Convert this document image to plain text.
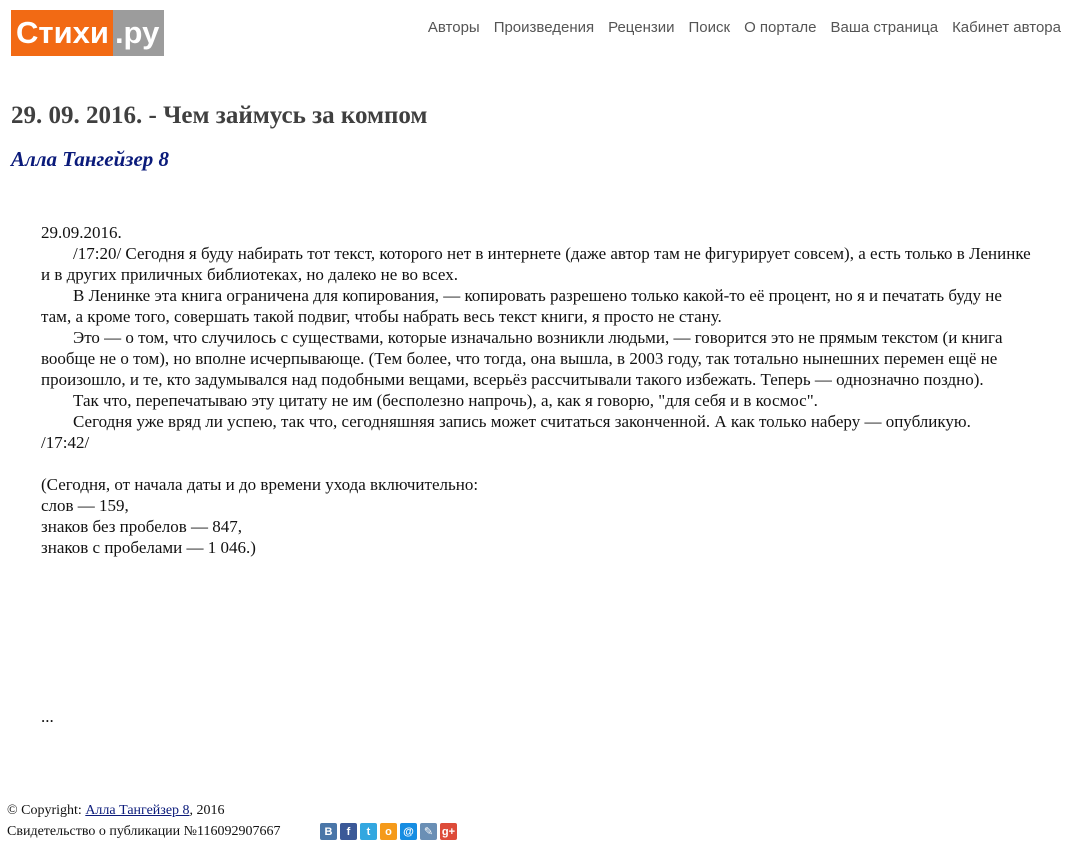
Стихи .ру	Авторы Произведения Рецензии Поиск О портале Ваша страница Кабинет автора
29. 09. 2016. - Чем займусь за компом
Алла Тангейзер 8
29.09.2016.
/17:20/ Сегодня я буду набирать тот текст, которого нет в интернете (даже автор там не фигурирует совсем), а есть только в Ленинке и в других приличных библиотеках, но далеко не во всех.
В Ленинке эта книга ограничена для копирования, — копировать разрешено только какой-то её процент, но я и печатать буду не там, а кроме того, совершать такой подвиг, чтобы набрать весь текст книги, я просто не стану.
Это — о том, что случилось с существами, которые изначально возникли людьми, — говорится это не прямым текстом (и книга вообще не о том), но вполне исчерпывающе. (Тем более, что тогда, она вышла, в 2003 году, так тотально нынешних перемен ещё не произошло, и те, кто задумывался над подобными вещами, всерьёз рассчитывали такого избежать. Теперь — однозначно поздно).
Так что, перепечатываю эту цитату не им (бесполезно напрочь), а, как я говорю, "для себя и в космос".
Сегодня уже вряд ли успею, так что, сегодняшняя запись может считаться законченной. А как только наберу — опубликую.
/17:42/
(Сегодня, от начала даты и до времени ухода включительно:
слов — 159,
знаков без пробелов — 847,
знаков с пробелами — 1 046.)
...
© Copyright: Алла Тангейзер 8, 2016
Свидетельство о публикации №116092907667	B	f	t	o	@ ✎ g+
